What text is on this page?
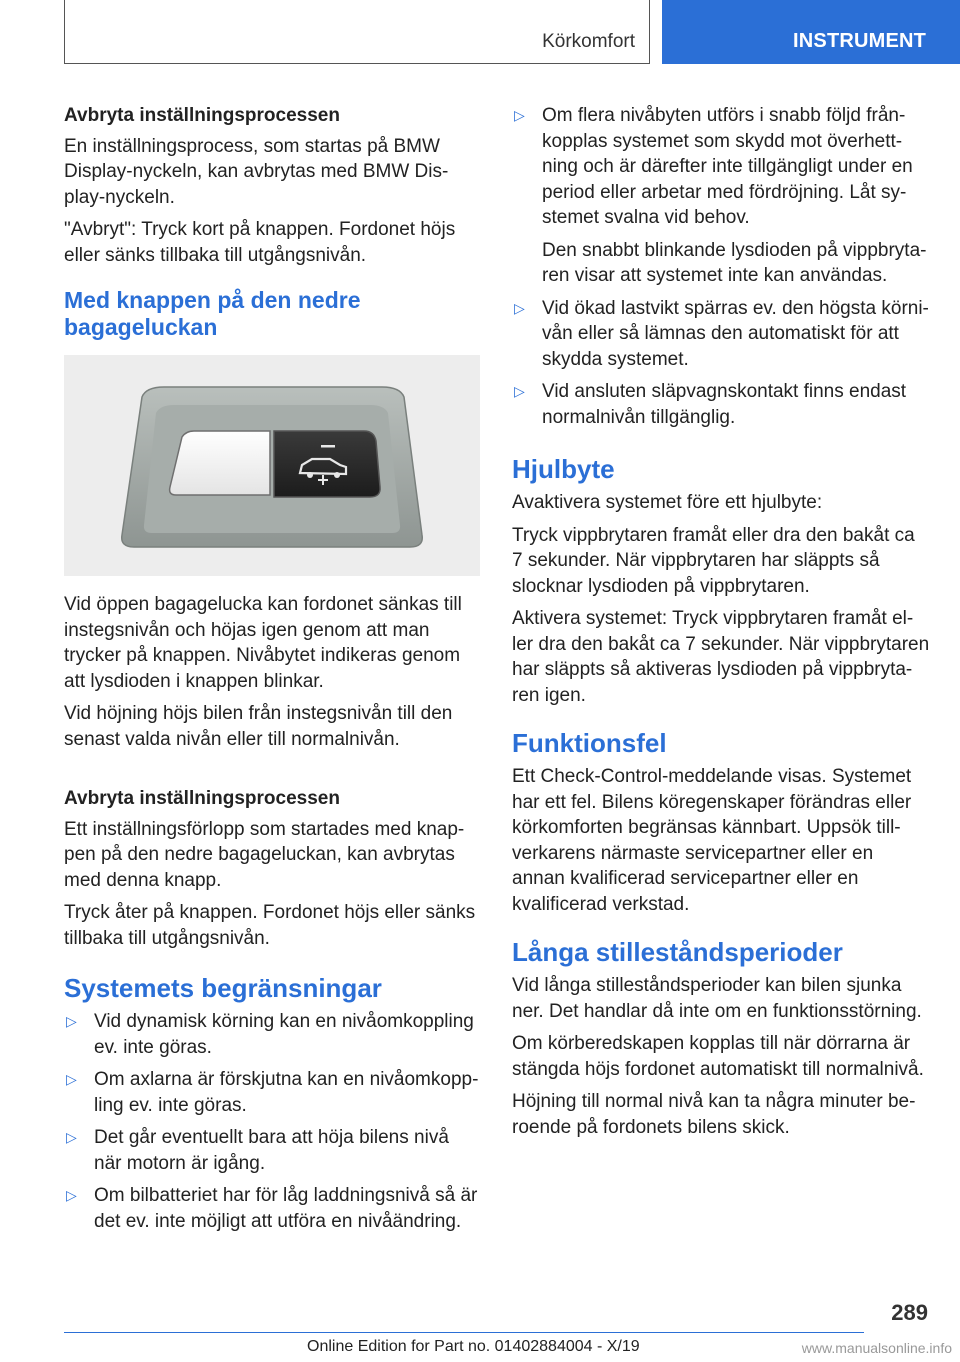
Körkomfort	INSTRUMENT
Avbryta inställningsprocessen
En inställningsprocess, som startas på BMW Display-nyckeln, kan avbrytas med BMW Dis-play-nyckeln.
"Avbryt": Tryck kort på knappen. Fordonet höjs eller sänks tillbaka till utgångsnivån.
Med knappen på den nedre bagageluckan
Vid öppen bagagelucka kan fordonet sänkas till instegsnivån och höjas igen genom att man trycker på knappen. Nivåbytet indikeras genom att lysdioden i knappen blinkar.
Vid höjning höjs bilen från instegsnivån till den senast valda nivån eller till normalnivån.
Avbryta inställningsprocessen
Ett inställningsförlopp som startades med knap-pen på den nedre bagageluckan, kan avbrytas med denna knapp.
Tryck åter på knappen. Fordonet höjs eller sänks tillbaka till utgångsnivån.
Systemets begränsningar
▷ Vid dynamisk körning kan en nivåomkoppling ev. inte göras.
▷ Om axlarna är förskjutna kan en nivåomkopp-ling ev. inte göras.
▷ Det går eventuellt bara att höja bilens nivå när motorn är igång.
▷ Om bilbatteriet har för låg laddningsnivå så är det ev. inte möjligt att utföra en nivåändring.
▷ Om flera nivåbyten utförs i snabb följd från-kopplas systemet som skydd mot överhett-ning och är därefter inte tillgängligt under en period eller arbetar med fördröjning. Låt sy-stemet svalna vid behov.
Den snabbt blinkande lysdioden på vippbryta-ren visar att systemet inte kan användas.
▷ Vid ökad lastvikt spärras ev. den högsta körni-vån eller så lämnas den automatiskt för att skydda systemet.
▷ Vid ansluten släpvagnskontakt finns endast normalnivån tillgänglig.
Hjulbyte
Avaktivera systemet före ett hjulbyte:
Tryck vippbrytaren framåt eller dra den bakåt ca 7 sekunder. När vippbrytaren har släppts så slocknar lysdioden på vippbrytaren.
Aktivera systemet: Tryck vippbrytaren framåt el-ler dra den bakåt ca 7 sekunder. När vippbrytaren har släppts så aktiveras lysdioden på vippbryta-ren igen.
Funktionsfel
Ett Check-Control-meddelande visas. Systemet har ett fel. Bilens köregenskaper förändras eller körkomforten begränsas kännbart. Uppsök till-verkarens närmaste servicepartner eller en annan kvalificerad servicepartner eller en kvalificerad verkstad.
Långa stilleståndsperioder
Vid långa stilleståndsperioder kan bilen sjunka ner. Det handlar då inte om en funktionsstörning.
Om körberedskapen kopplas till när dörrarna är stängda höjs fordonet automatiskt till normalnivå.
Höjning till normal nivå kan ta några minuter be-roende på fordonets bilens skick.
289
Online Edition for Part no. 01402884004 - X/19	www.manualsonline.info
